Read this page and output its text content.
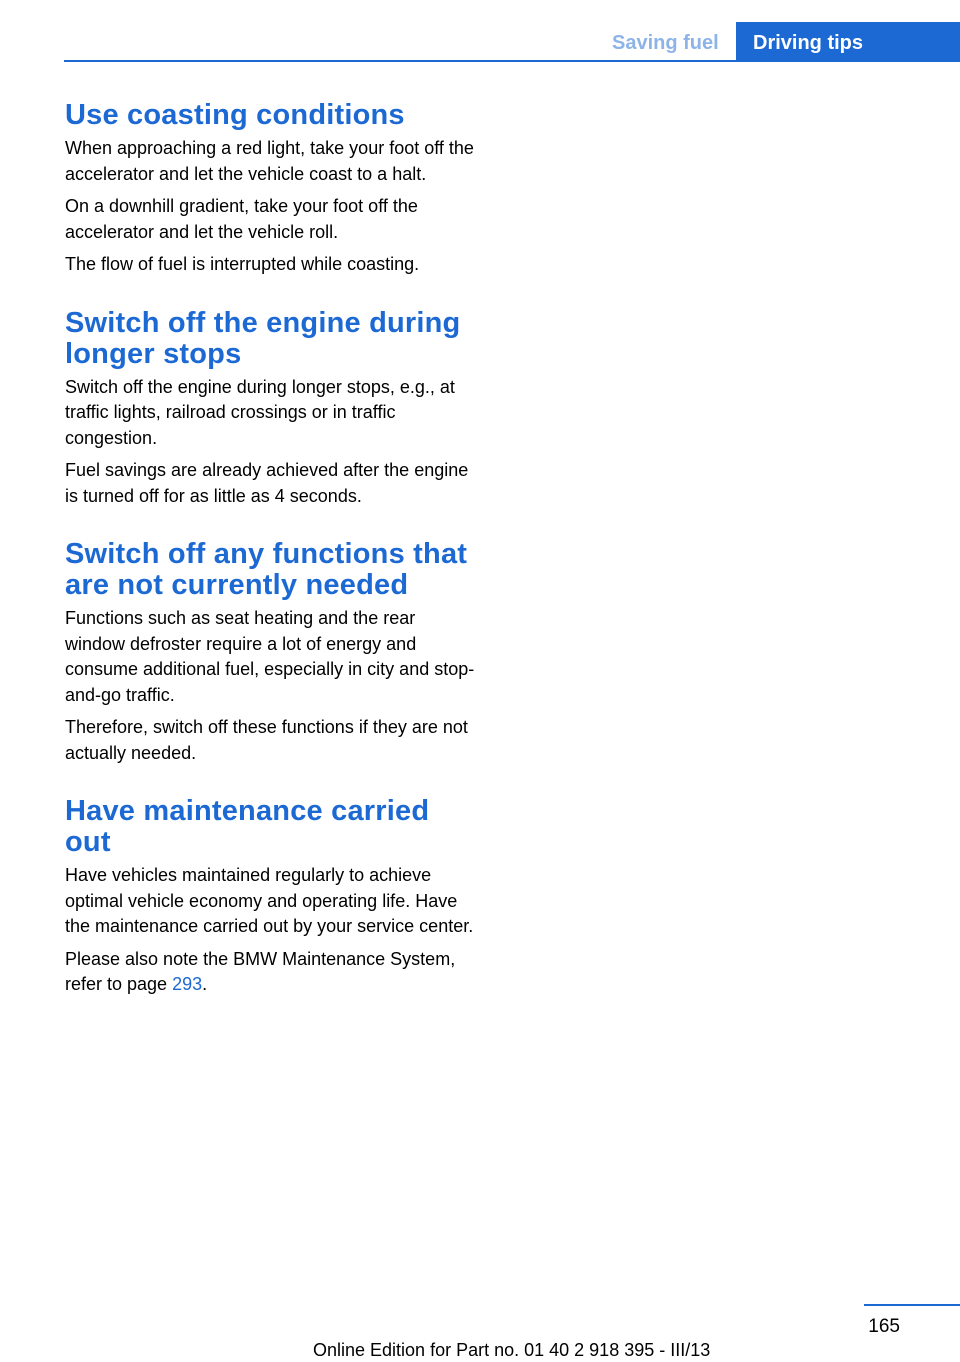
Saving fuel	Driving tips
Use coasting conditions

When approaching a red light, take your foot off the accelerator and let the vehicle coast to a halt.

On a downhill gradient, take your foot off the accelerator and let the vehicle roll.

The flow of fuel is interrupted while coasting.

Switch off the engine during longer stops

Switch off the engine during longer stops, e.g., at traffic lights, railroad crossings or in traffic congestion.

Fuel savings are already achieved after the engine is turned off for as little as 4 seconds.

Switch off any functions that are not currently needed

Functions such as seat heating and the rear window defroster require a lot of energy and consume additional fuel, especially in city and stop-and-go traffic.

Therefore, switch off these functions if they are not actually needed.

Have maintenance carried out

Have vehicles maintained regularly to achieve optimal vehicle economy and operating life. Have the maintenance carried out by your service center.

Please also note the BMW Maintenance System, refer to page 293.

165
Online Edition for Part no. 01 40 2 918 395 - III/13
